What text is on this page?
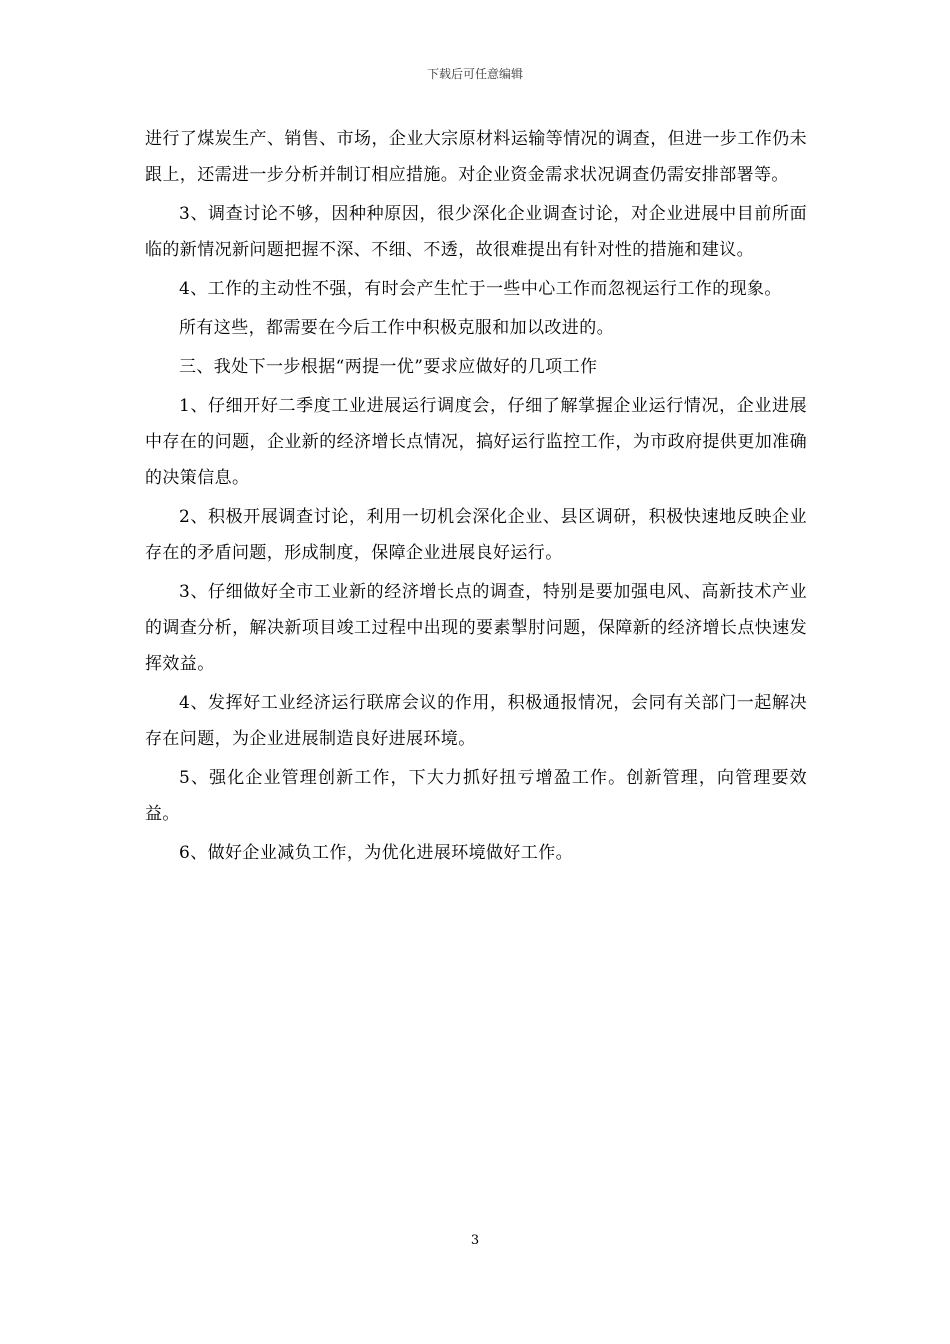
下载后可任意编辑

进行了煤炭生产、销售、市场，企业大宗原材料运输等情况的调查，但进一步工作仍未跟上，还需进一步分析并制订相应措施。对企业资金需求状况调查仍需安排部署等。

3、调查讨论不够，因种种原因，很少深化企业调查讨论，对企业进展中目前所面临的新情况新问题把握不深、不细、不透，故很难提出有针对性的措施和建议。

4、工作的主动性不强，有时会产生忙于一些中心工作而忽视运行工作的现象。

所有这些，都需要在今后工作中积极克服和加以改进的。

三、我处下一步根据“两提一优”要求应做好的几项工作

1、仔细开好二季度工业进展运行调度会，仔细了解掌握企业运行情况，企业进展中存在的问题，企业新的经济增长点情况，搞好运行监控工作，为市政府提供更加准确的决策信息。

2、积极开展调查讨论，利用一切机会深化企业、县区调研，积极快速地反映企业存在的矛盾问题，形成制度，保障企业进展良好运行。

3、仔细做好全市工业新的经济增长点的调查，特别是要加强电风、高新技术产业的调查分析，解决新项目竣工过程中出现的要素掣肘问题，保障新的经济增长点快速发挥效益。

4、发挥好工业经济运行联席会议的作用，积极通报情况，会同有关部门一起解决存在问题，为企业进展制造良好进展环境。

5、强化企业管理创新工作，下大力抓好扭亏增盈工作。创新管理，向管理要效益。

6、做好企业减负工作，为优化进展环境做好工作。

3
